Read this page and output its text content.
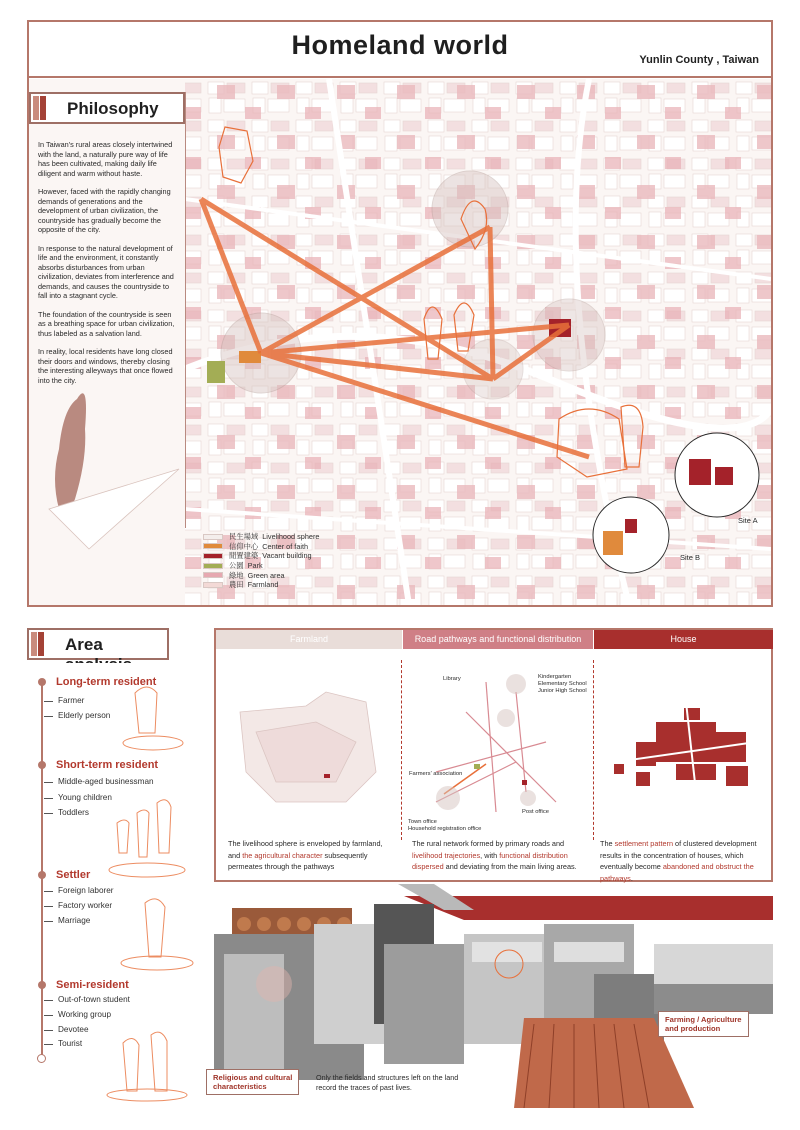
Homeland world	Yunlin County , Taiwan
Philosophy

In Taiwan's rural areas closely intertwined with the land, a naturally pure way of life has been cultivated, making daily life diligent and warm without haste.

However, faced with the rapidly changing demands of generations and the development of urban civilization, the countryside has gradually become the opposite of the city.

In response to the natural development of life and the environment, it constantly absorbs disturbances from urban civilization, deviates from interference and demands, and causes the countryside to fall into a stagnant cycle.

The foundation of the countryside is seen as a breathing space for urban civilization, thus labeled as a salvation land.

In reality, local residents have long closed their doors and windows, thereby closing the interesting alleyways that once flowed into the city.

民生場域
Livelihood sphere
信仰中心
Center of faith
閒置建築
Vacant building
公園
Park
綠地
Green area
農田
Farmland
Site A
Site B
Area
Long-term resident
Farmer
Elderly person
Short-term resident
Middle-aged businessman
Young children
Toddlers
Settler
Foreign laborer
Factory worker
Marriage
Semi-resident
Out-of-town student
Working group
Devotee
Tourist
Farmland	Road pathways and functional distribution	House
Library	Kindergarten
Elementary School
Junior High School
Farmers' association
Post office
Town office
Household registration office
The livelihood sphere is enveloped by farmland, and the agricultural character subsequently permeates through the pathways
The rural network formed by primary roads and livelihood trajectories, with functional distribution dispersed and deviating from the main living areas.
The settlement pattern of clustered development results in the concentration of houses, which eventually become abandoned and obstruct the pathways.
Religious and cultural
characteristics
Farming / Agriculture
and production
Only the fields and structures left on the land record the traces of past lives.
